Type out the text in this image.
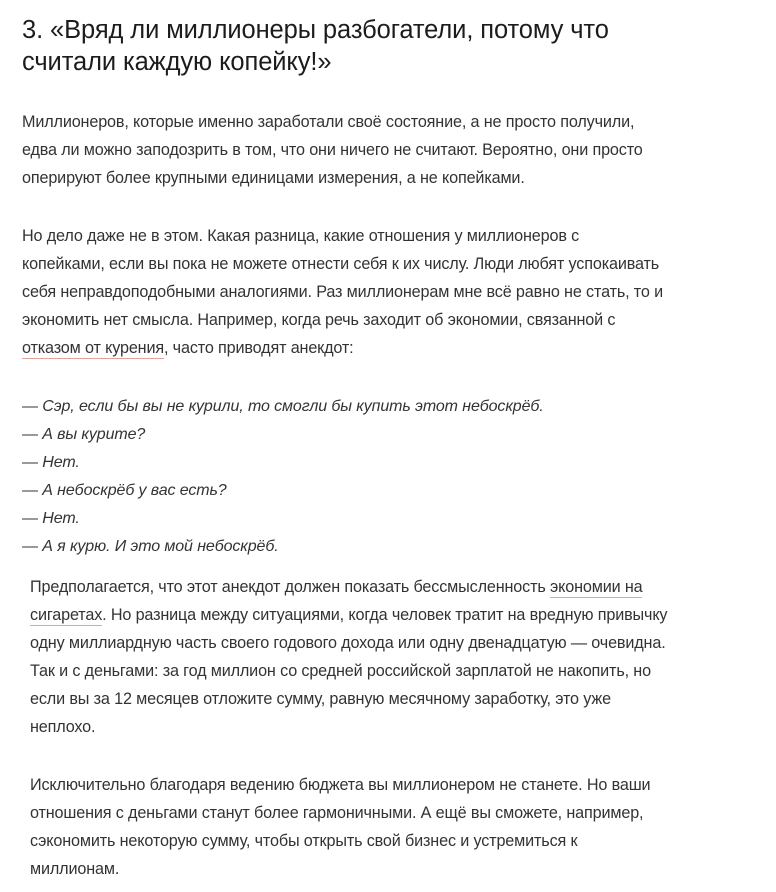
3. «Вряд ли миллионеры разбогатели, потому что
считали каждую копейку!»

Миллионеров, которые именно заработали своё состояние, а не просто получили,
едва ли можно заподозрить в том, что они ничего не считают. Вероятно, они просто
оперируют более крупными единицами измерения, а не копейками.

Но дело даже не в этом. Какая разница, какие отношения у миллионеров с
копейками, если вы пока не можете отнести себя к их числу. Люди любят успокаивать
себя неправдоподобными аналогиями. Раз миллионерам мне всё равно не стать, то и
экономить нет смысла. Например, когда речь заходит об экономии, связанной с
отказом от курения, часто приводят анекдот:

— Сэр, если бы вы не курили, то смогли бы купить этот небоскрёб.
— А вы курите?
— Нет.
— А небоскрёб у вас есть?
— Нет.
— А я курю. И это мой небоскрёб.

Предполагается, что этот анекдот должен показать бессмысленность экономии на
сигаретах. Но разница между ситуациями, когда человек тратит на вредную привычку
одну миллиардную часть своего годового дохода или одну двенадцатую — очевидна.
Так и с деньгами: за год миллион со средней российской зарплатой не накопить, но
если вы за 12 месяцев отложите сумму, равную месячному заработку, это уже
неплохо.

Исключительно благодаря ведению бюджета вы миллионером не станете. Но ваши
отношения с деньгами станут более гармоничными. А ещё вы сможете, например,
сэкономить некоторую сумму, чтобы открыть свой бизнес и устремиться к
миллионам.
